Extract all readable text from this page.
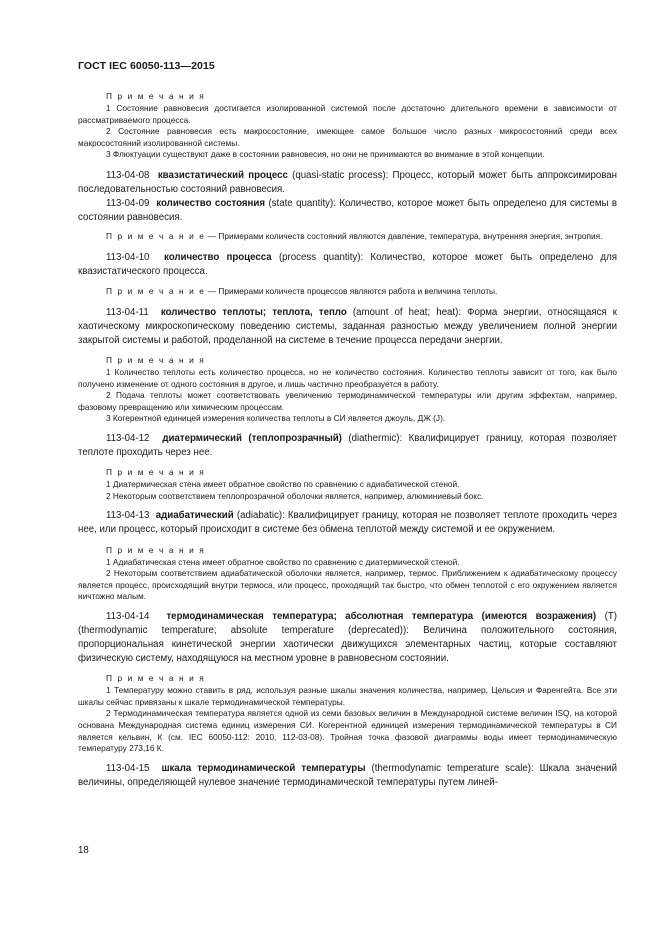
ГОСТ IEC 60050-113—2015
П р и м е ч а н и я

1 Состояние равновесия достигается изолированной системой после достаточно длительного времени в зависимости от рассматриваемого процесса.

2 Состояние равновесия есть макросостояние, имеющее самое большое число разных микросостояний среди всех макросостояний изолированной системы.

3 Флюктуации существуют даже в состоянии равновесия, но они не принимаются во внимание в этой концепции.

113-04-08 квазистатический процесс (quasi-static process): Процесс, который может быть аппроксимирован последовательностью состояний равновесия.

113-04-09 количество состояния (state quantity): Количество, которое может быть определено для системы в состоянии равновесия.

П р и м е ч а н и е — Примерами количеств состояний являются давление, температура, внутренняя энергия, энтропия.

113-04-10 количество процесса (process quantity): Количество, которое может быть определено для квазистатического процесса.

П р и м е ч а н и е — Примерами количеств процессов являются работа и величина теплоты.

113-04-11 количество теплоты; теплота, тепло (amount of heat; heat): Форма энергии, относящаяся к хаотическому микроскопическому поведению системы, заданная разностью между увеличением полной энергии закрытой системы и работой, проделанной на системе в течение процесса передачи энергии.

П р и м е ч а н и я

1 Количество теплоты есть количество процесса, но не количество состояния. Количество теплоты зависит от того, как было получено изменение от одного состояния в другое, и лишь частично преобразуется в работу.

2 Подача теплоты может соответствовать увеличению термодинамической температуры или другим эффектам, например, фазовому превращению или химическим процессам.

3 Когерентной единицей измерения количества теплоты в СИ является джоуль, ДЖ (J).

113-04-12 диатермический (теплопрозрачный) (diathermic): Квалифицирует границу, которая позволяет теплоте проходить через нее.

П р и м е ч а н и я

1 Диатермическая стена имеет обратное свойство по сравнению с адиабатической стеной.

2 Некоторым соответствием теплопрозрачной оболочки является, например, алюминиевый бокс.

113-04-13 адиабатический (adiabatic): Квалифицирует границу, которая не позволяет теплоте проходить через нее, или процесс, который происходит в системе без обмена теплотой между системой и ее окружением.

П р и м е ч а н и я

1 Адиабатическая стена имеет обратное свойство по сравнению с диатермической стеной.

2 Некоторым соответствием адиабатической оболочки является, например, термос. Приближением к адиабатическому процессу является процесс, происходящий внутри термоса, или процесс, проходящий так быстро, что обмен теплотой с его окружением является ничтожно малым.

113-04-14 термодинамическая температура; абсолютная температура (имеются возражения) (T) (thermodynamic temperature; absolute temperature (deprecated)): Величина положительного состояния, пропорциональная кинетической энергии хаотически движущихся элементарных частиц, которые составляют физическую систему, находящуюся на местном уровне в равновесном состоянии.

П р и м е ч а н и я

1 Температуру можно ставить в ряд, используя разные шкалы значения количества, например, Цельсия и Фаренгейта. Все эти шкалы сейчас привязаны к шкале термодинамической температуры.

2 Термодинамическая температура является одной из семи базовых величин в Международной системе величин ISQ, на которой основана Международная система единиц измерения СИ. Когерентной единицей измерения термодинамической температуры в СИ является кельвин, К (см. IEC 60050-112: 2010, 112-03-08). Тройная точка фазовой диаграммы воды имеет термодинамическую температуру 273,16 К.

113-04-15 шкала термодинамической температуры (thermodynamic temperature scale): Шкала значений величины, определяющей нулевое значение термодинамической температуры путем линей-

18
